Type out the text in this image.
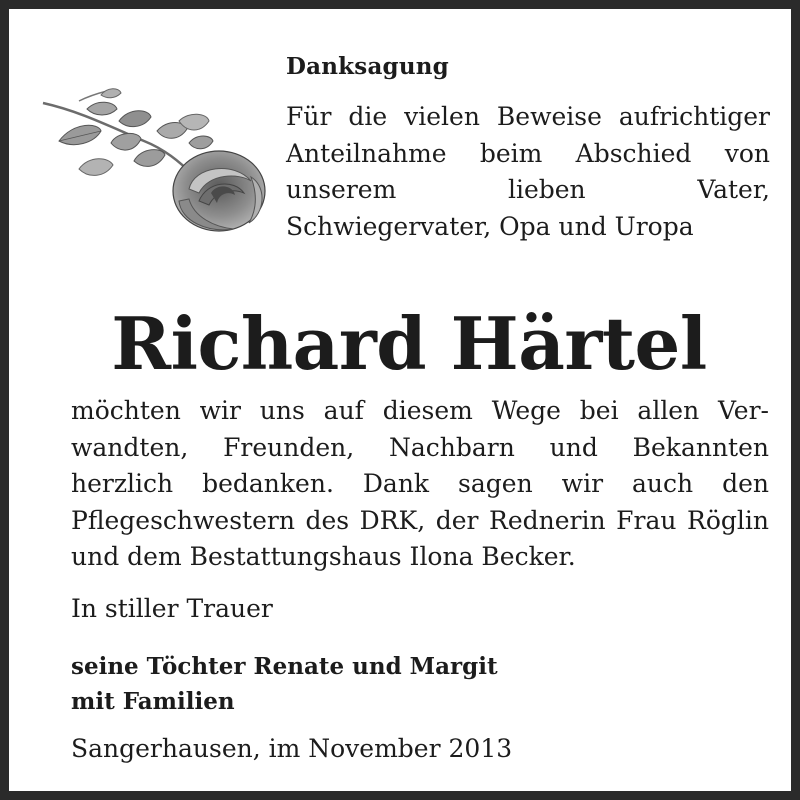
Danksagung
Für die vielen Beweise aufrichtiger Anteilnahme beim Abschied von unserem lieben Vater, Schwiegervater, Opa und Uropa
Richard Härtel
möchten wir uns auf diesem Wege bei allen Verwandten, Freunden, Nachbarn und Bekannten herzlich bedanken. Dank sagen wir auch den Pflegeschwestern des DRK, der Rednerin Frau Röglin und dem Bestattungshaus Ilona Becker.
In stiller Trauer
seine Töchter Renate und Margit
mit Familien
Sangerhausen, im November 2013
